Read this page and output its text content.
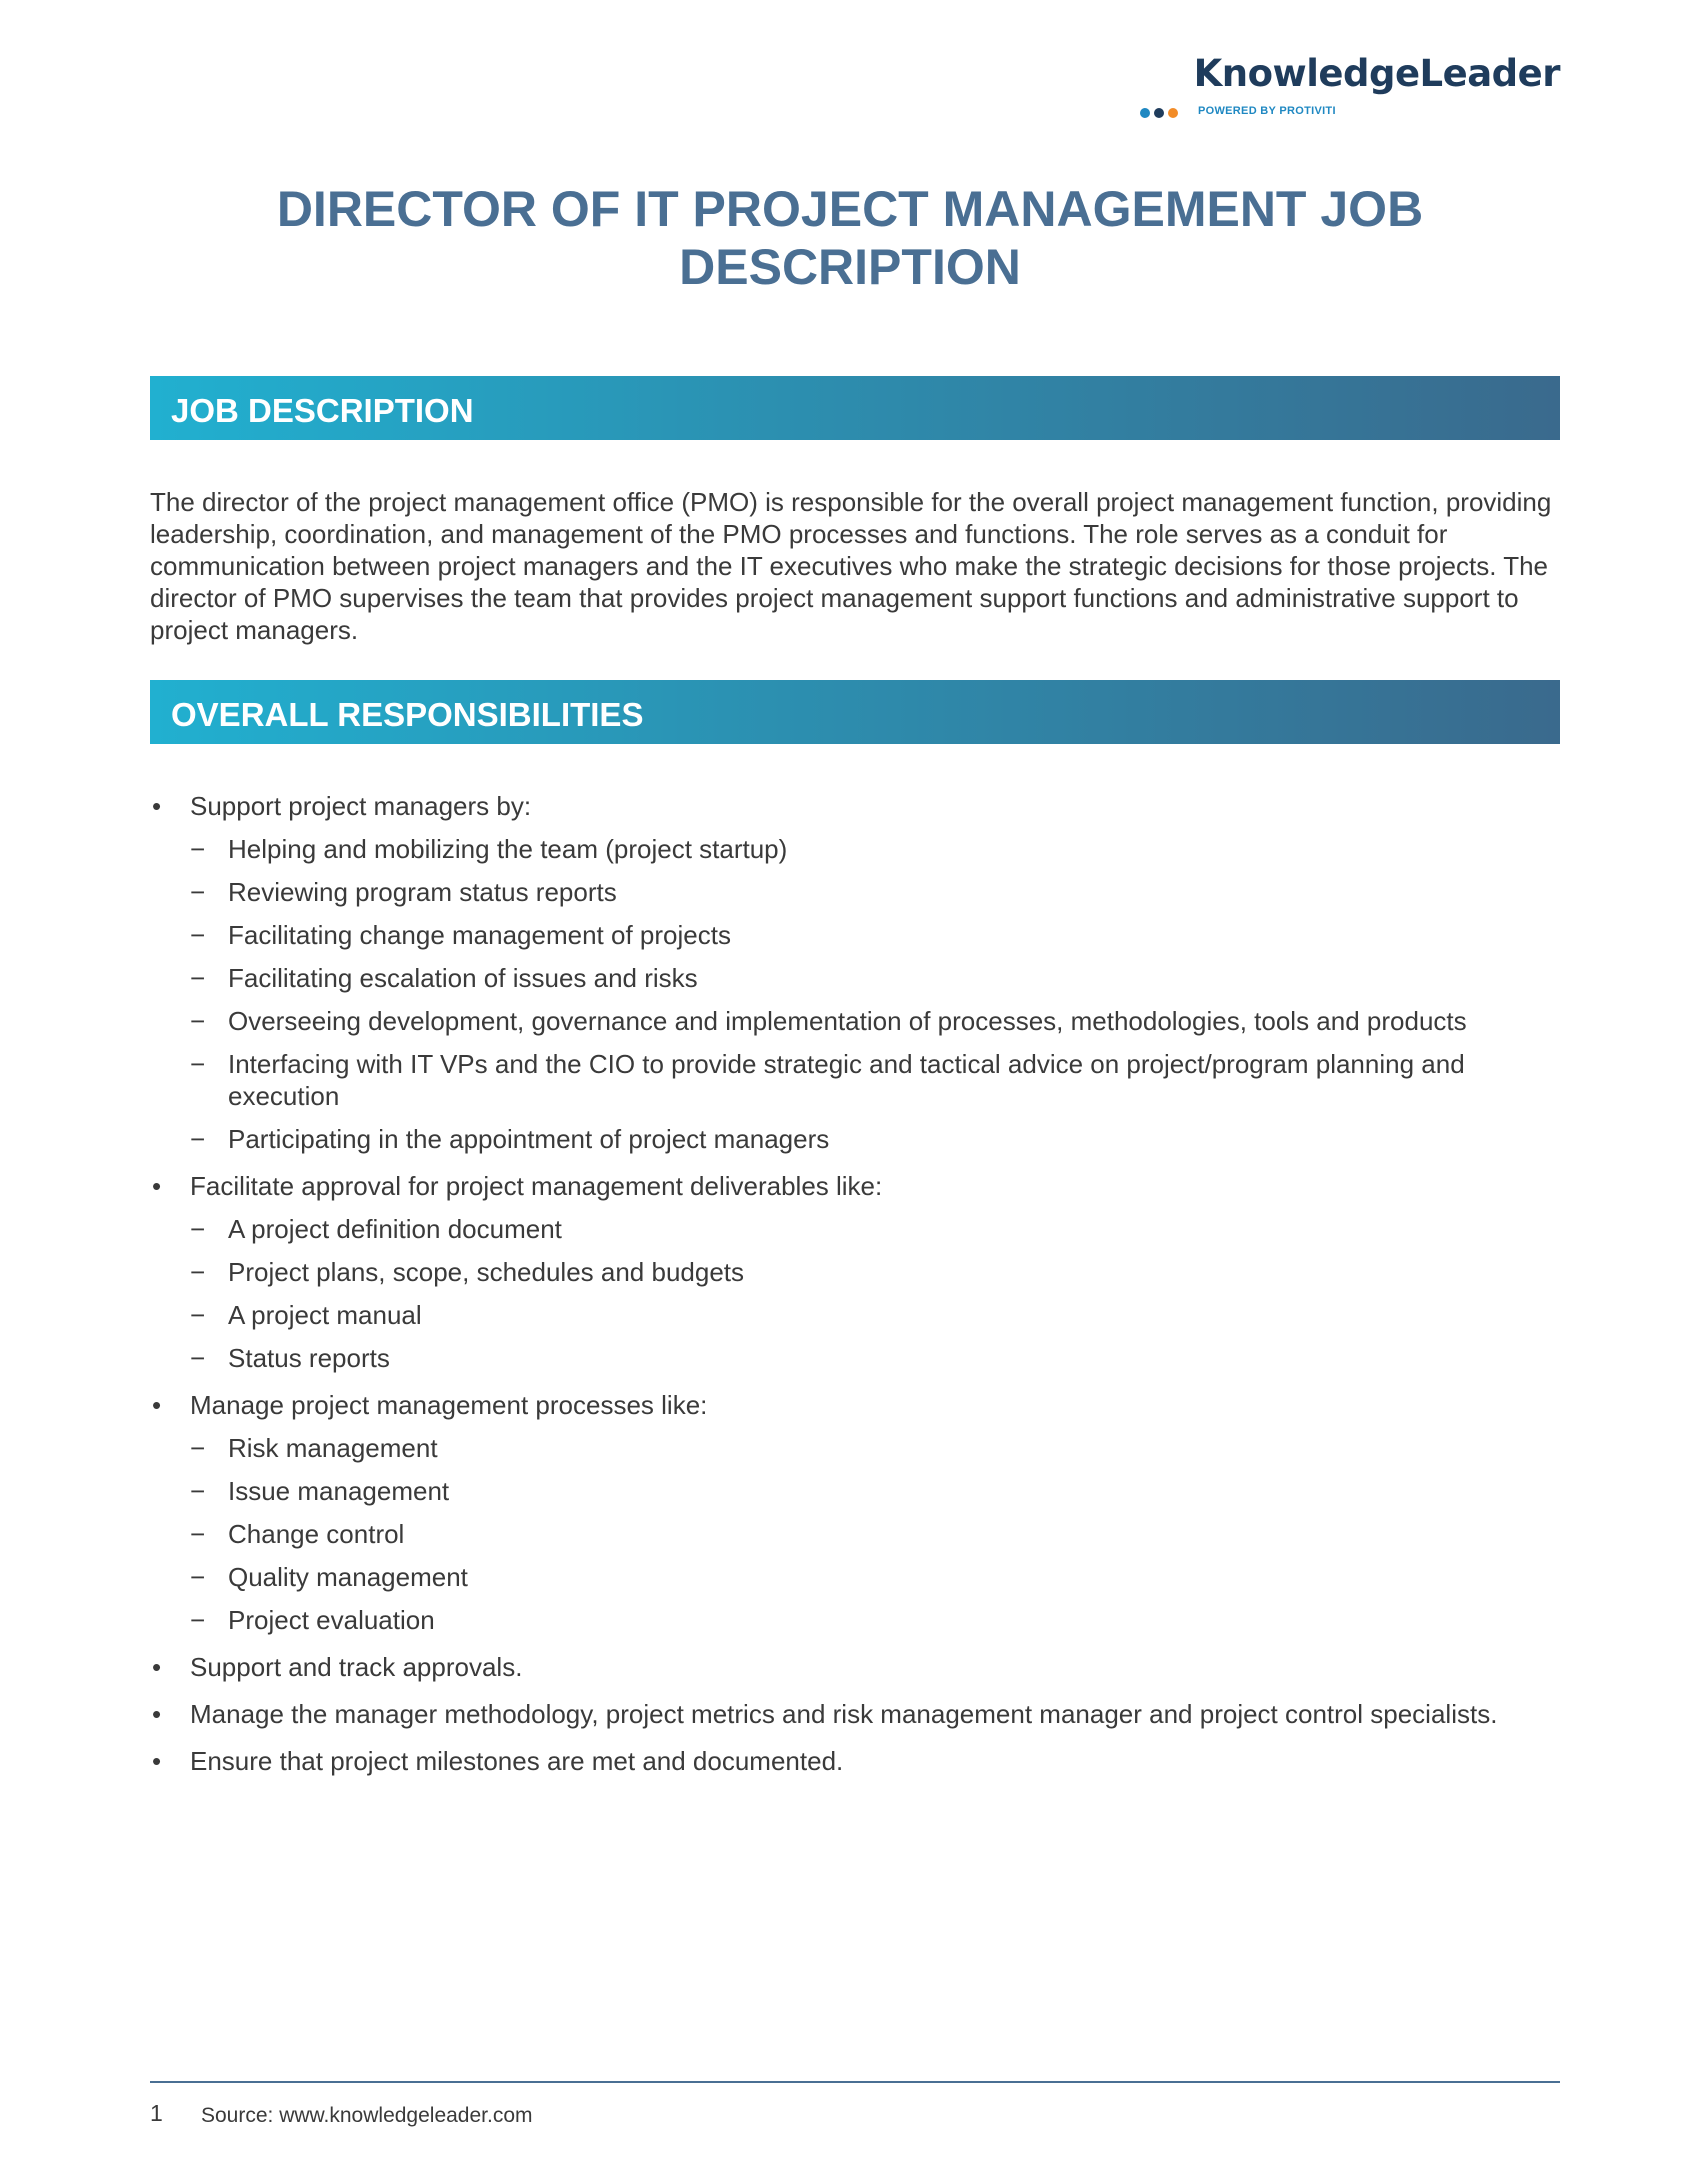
KnowledgeLeader
POWERED BY PROTIVITI
DIRECTOR OF IT PROJECT MANAGEMENT JOB DESCRIPTION
JOB DESCRIPTION

The director of the project management office (PMO) is responsible for the overall project management function, providing leadership, coordination, and management of the PMO processes and functions. The role serves as a conduit for communication between project managers and the IT executives who make the strategic decisions for those projects. The director of PMO supervises the team that provides project management support functions and administrative support to project managers.

OVERALL RESPONSIBILITIES
• Support project managers by:
− Helping and mobilizing the team (project startup)
− Reviewing program status reports
− Facilitating change management of projects
− Facilitating escalation of issues and risks
− Overseeing development, governance and implementation of processes, methodologies, tools and products
− Interfacing with IT VPs and the CIO to provide strategic and tactical advice on project/program planning and execution
− Participating in the appointment of project managers
• Facilitate approval for project management deliverables like:
− A project definition document
− Project plans, scope, schedules and budgets
− A project manual
− Status reports
• Manage project management processes like:
− Risk management
− Issue management
− Change control
− Quality management
− Project evaluation
• Support and track approvals.
• Manage the manager methodology, project metrics and risk management manager and project control specialists.
• Ensure that project milestones are met and documented.
1 Source: www.knowledgeleader.com
